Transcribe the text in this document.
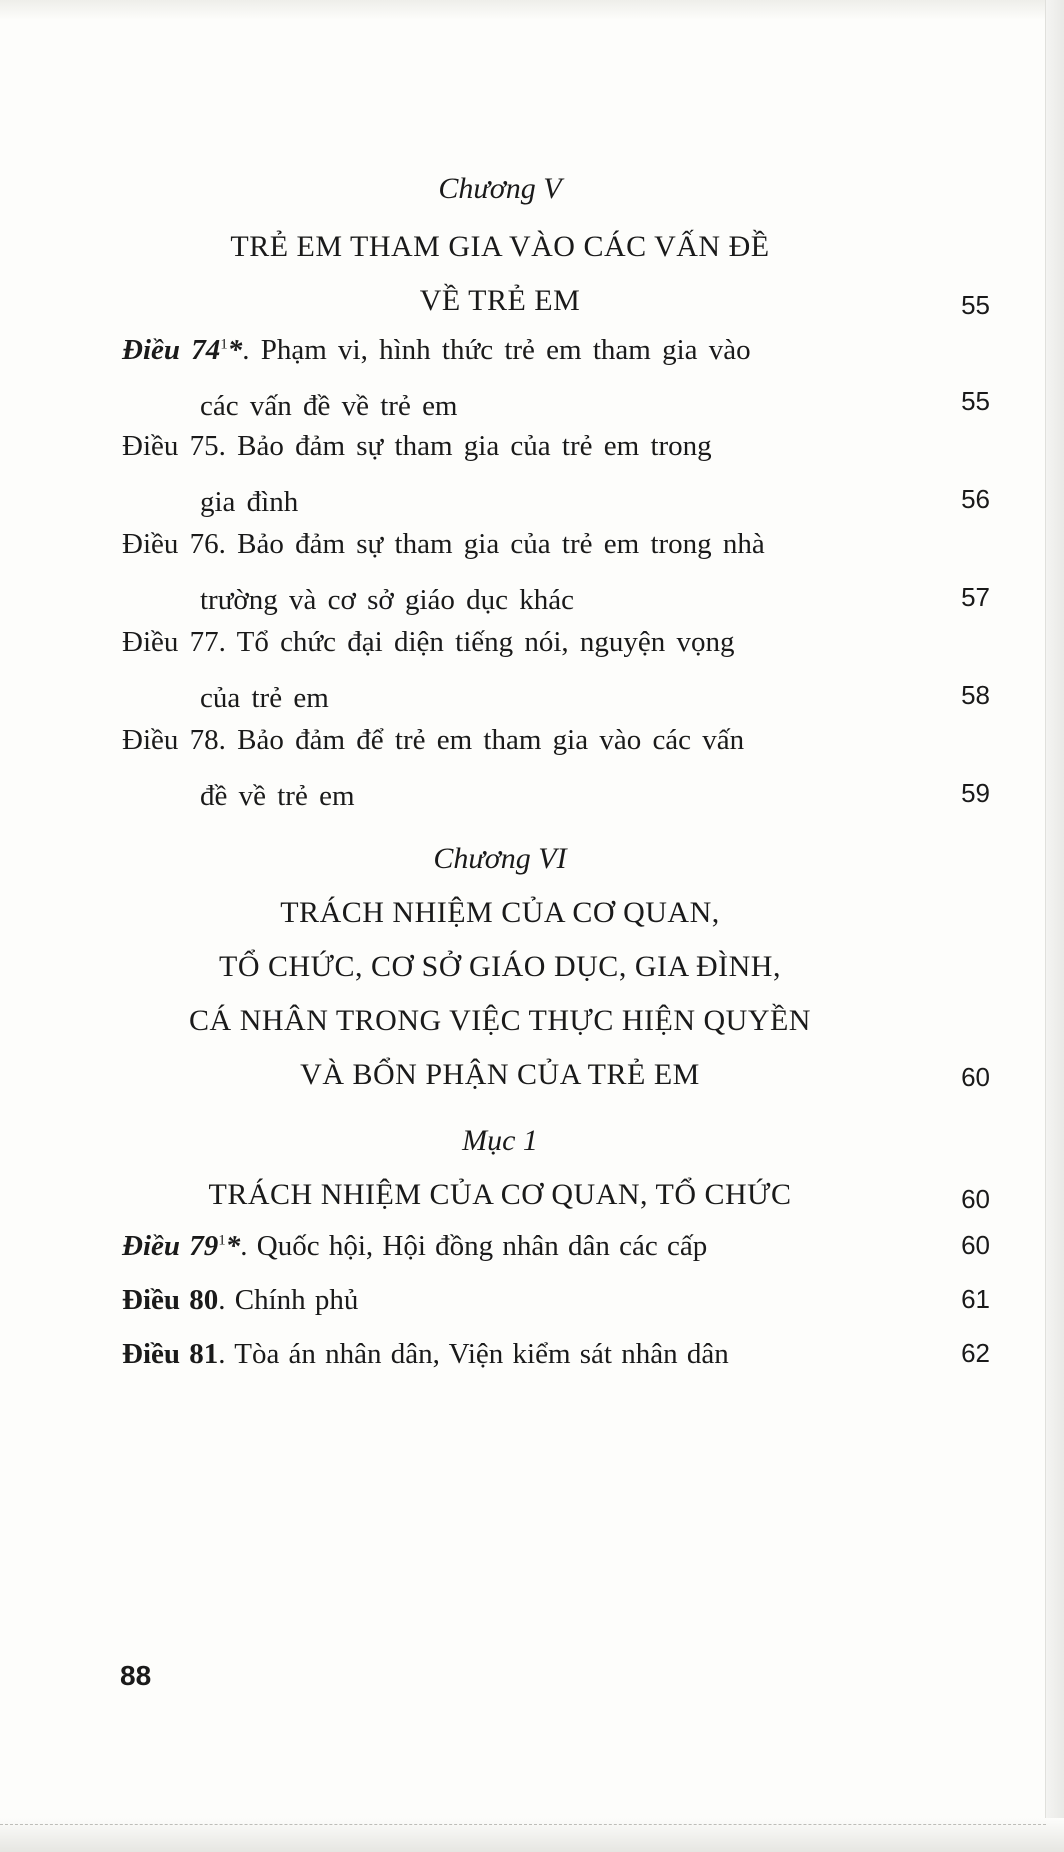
Chương V
TRẺ EM THAM GIA VÀO CÁC VẤN ĐỀ
VỀ TRẺ EM	55
Điều $74^1*$. Phạm vi, hình thức trẻ em tham gia vào
các vấn đề về trẻ em	55
Điều 75. Bảo đảm sự tham gia của trẻ em trong
gia đình	56
Điều 76. Bảo đảm sự tham gia của trẻ em trong nhà
trường và cơ sở giáo dục khác	57
Điều 77. Tổ chức đại diện tiếng nói, nguyện vọng
của trẻ em	58
Điều 78. Bảo đảm để trẻ em tham gia vào các vấn
đề về trẻ em	59
Chương VI
TRÁCH NHIỆM CỦA CƠ QUAN,
TỔ CHỨC, CƠ SỞ GIÁO DỤC, GIA ĐÌNH,
CÁ NHÂN TRONG VIỆC THỰC HIỆN QUYỀN
VÀ BỔN PHẬN CỦA TRẺ EM	60
Mục 1
TRÁCH NHIỆM CỦA CƠ QUAN, TỔ CHỨC	60
Điều $79^1*$. Quốc hội, Hội đồng nhân dân các cấp	60
Điều 80. Chính phủ	61
Điều 81. Tòa án nhân dân, Viện kiểm sát nhân dân	62
88
